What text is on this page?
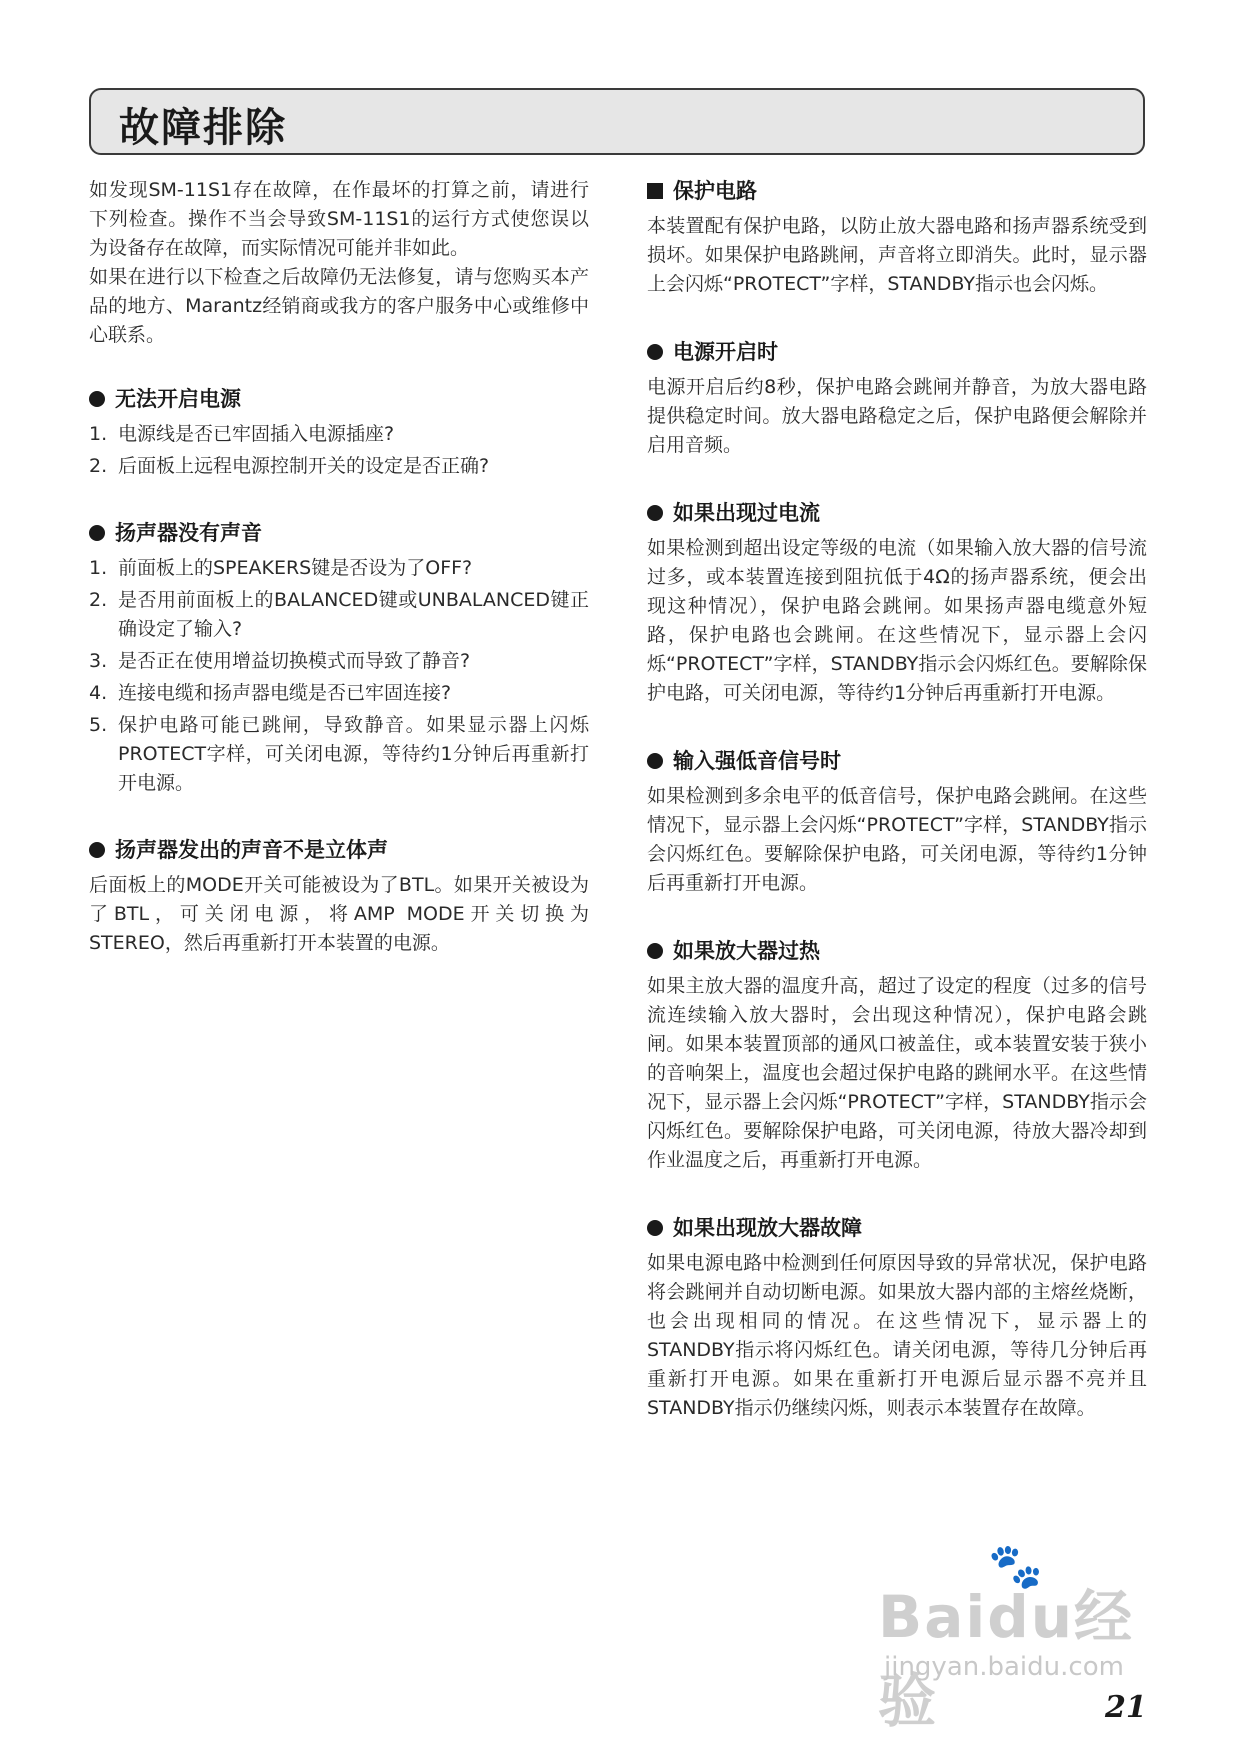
故障排除

如发现SM-11S1存在故障，在作最坏的打算之前，请进行下列检查。操作不当会导致SM-11S1的运行方式使您误以为设备存在故障，而实际情况可能并非如此。

如果在进行以下检查之后故障仍无法修复，请与您购买本产品的地方、Marantz经销商或我方的客户服务中心或维修中心联系。

无法开启电源
1. 电源线是否已牢固插入电源插座?
2. 后面板上远程电源控制开关的设定是否正确?
扬声器没有声音
1. 前面板上的SPEAKERS键是否设为了OFF?
2. 是否用前面板上的BALANCED键或UNBALANCED键正确设定了输入?
3. 是否正在使用增益切换模式而导致了静音?
4. 连接电缆和扬声器电缆是否已牢固连接?
5. 保护电路可能已跳闸，导致静音。如果显示器上闪烁PROTECT字样，可关闭电源，等待约1分钟后再重新打开电源。
扬声器发出的声音不是立体声

后面板上的MODE开关可能被设为了BTL。如果开关被设为了BTL，可关闭电源，将AMP MODE开关切换为STEREO，然后再重新打开本装置的电源。

保护电路

本装置配有保护电路，以防止放大器电路和扬声器系统受到损坏。如果保护电路跳闸，声音将立即消失。此时，显示器上会闪烁“PROTECT”字样，STANDBY指示也会闪烁。

电源开启时

电源开启后约8秒，保护电路会跳闸并静音，为放大器电路提供稳定时间。放大器电路稳定之后，保护电路便会解除并启用音频。

如果出现过电流

如果检测到超出设定等级的电流（如果输入放大器的信号流过多，或本装置连接到阻抗低于4Ω的扬声器系统，便会出现这种情况），保护电路会跳闸。如果扬声器电缆意外短路，保护电路也会跳闸。在这些情况下，显示器上会闪烁“PROTECT”字样，STANDBY指示会闪烁红色。要解除保护电路，可关闭电源，等待约1分钟后再重新打开电源。

输入强低音信号时

如果检测到多余电平的低音信号，保护电路会跳闸。在这些情况下，显示器上会闪烁“PROTECT”字样，STANDBY指示会闪烁红色。要解除保护电路，可关闭电源，等待约1分钟后再重新打开电源。

如果放大器过热

如果主放大器的温度升高，超过了设定的程度（过多的信号流连续输入放大器时，会出现这种情况），保护电路会跳闸。如果本装置顶部的通风口被盖住，或本装置安装于狭小的音响架上，温度也会超过保护电路的跳闸水平。在这些情况下，显示器上会闪烁“PROTECT”字样，STANDBY指示会闪烁红色。要解除保护电路，可关闭电源，待放大器冷却到作业温度之后，再重新打开电源。

如果出现放大器故障

如果电源电路中检测到任何原因导致的异常状况，保护电路将会跳闸并自动切断电源。如果放大器内部的主熔丝烧断，也会出现相同的情况。在这些情况下，显示器上的STANDBY指示将闪烁红色。请关闭电源，等待几分钟后再重新打开电源。如果在重新打开电源后显示器不亮并且STANDBY指示仍继续闪烁，则表示本装置存在故障。

🐾
Baidu经验
jingyan.baidu.com
21
